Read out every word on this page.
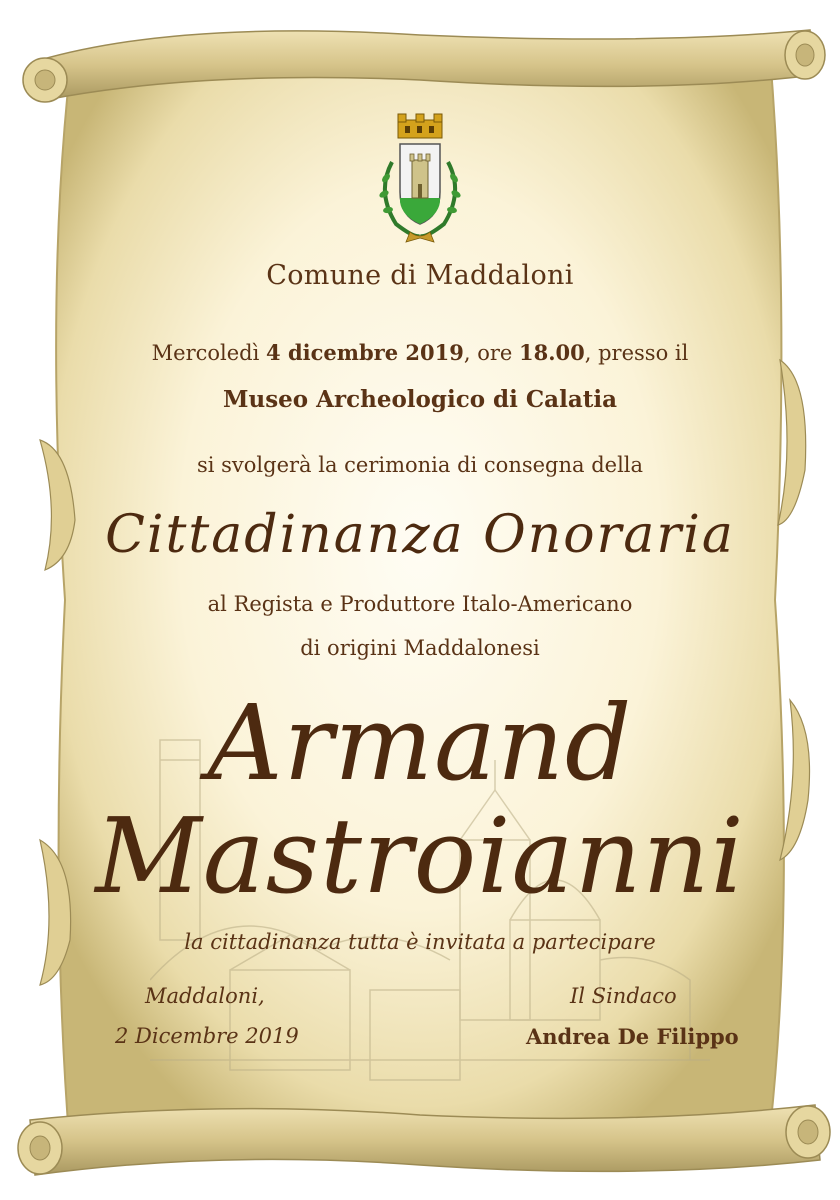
Comune di Maddaloni
Mercoledì 4 dicembre 2019, ore 18.00, presso il
Museo Archeologico di Calatia
si svolgerà la cerimonia di consegna della
Cittadinanza Onoraria
al Regista e Produttore Italo-Americano
di origini Maddalonesi
Armand
Mastroianni
la cittadinanza tutta è invitata a partecipare
Maddaloni,
2 Dicembre 2019
Il Sindaco
Andrea De Filippo
